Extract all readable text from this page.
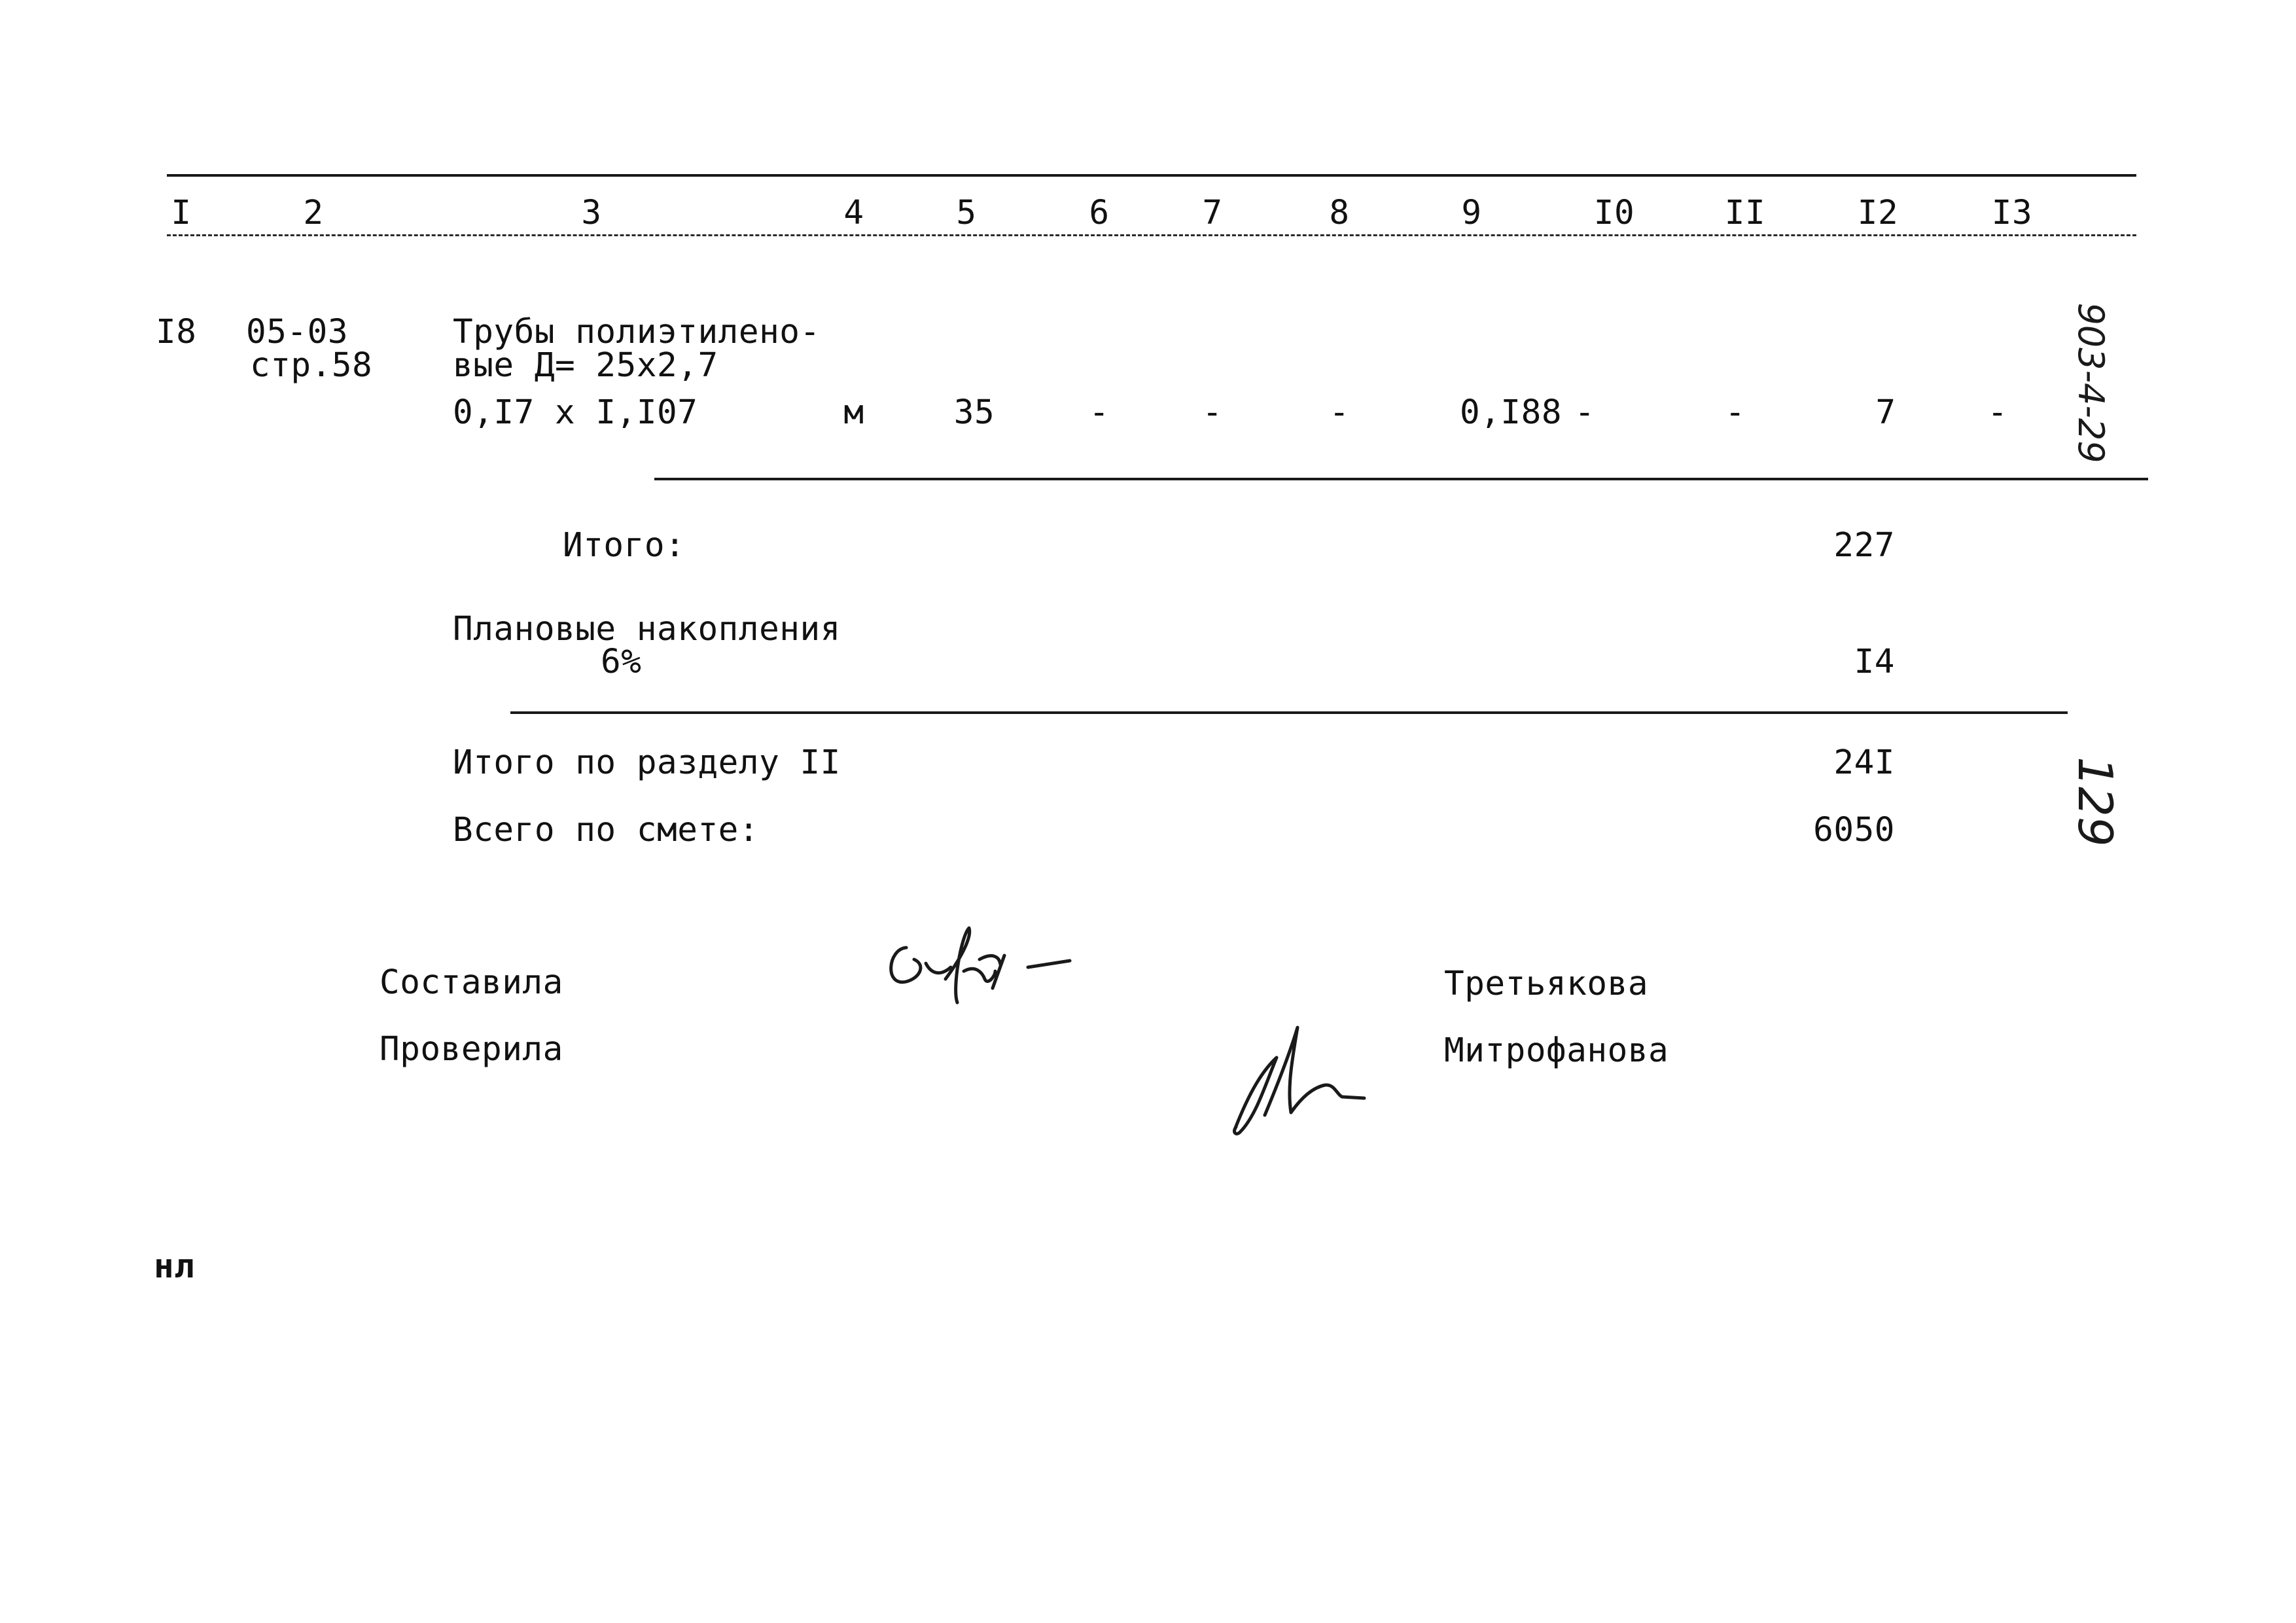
I	2	3	4	5	6	7	8	9	I0	II	I2	I3
I8 05-03
стр.58
Трубы полиэтилено-
вые Д= 25х2,7
0,I7 х I,I07	м	35	-	-	-	0,I88 -	-	7	-
Итого:	227
Плановые накопления
6%	I4
Итого по разделу II	24I
Всего по смете:	6050
903-4-29
129
Составила	Третьякова
Проверила	Митрофанова
нл
